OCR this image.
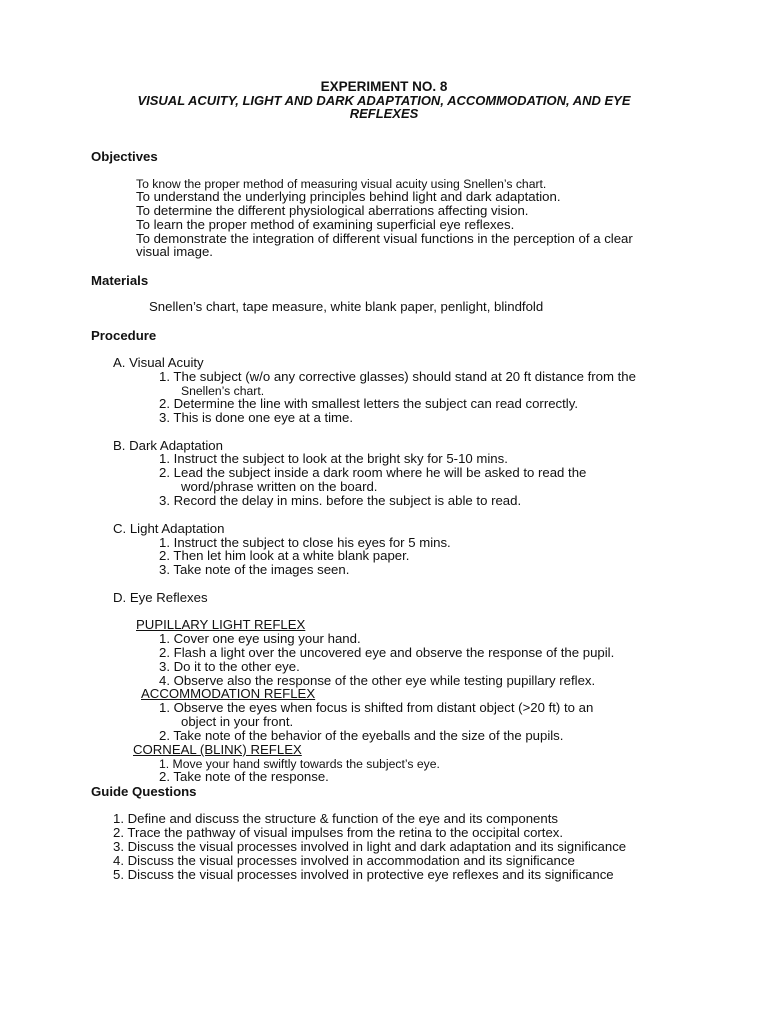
EXPERIMENT NO. 8
VISUAL ACUITY, LIGHT AND DARK ADAPTATION, ACCOMMODATION, AND EYE
REFLEXES
Objectives
To know the proper method of measuring visual acuity using Snellen’s chart.
To understand the underlying principles behind light and dark adaptation.
To determine the different physiological aberrations affecting vision.
To learn the proper method of examining superficial eye reflexes.
To demonstrate the integration of different visual functions in the perception of a clear
visual image.
Materials
Snellen’s chart, tape measure, white blank paper, penlight, blindfold
Procedure
A. Visual Acuity
1. The subject (w/o any corrective glasses) should stand at 20 ft distance from the
Snellen’s chart.
2. Determine the line with smallest letters the subject can read correctly.
3. This is done one eye at a time.
B. Dark Adaptation
1. Instruct the subject to look at the bright sky for 5-10 mins.
2. Lead the subject inside a dark room where he will be asked to read the
word/phrase written on the board.
3. Record the delay in mins. before the subject is able to read.
C. Light Adaptation
1. Instruct the subject to close his eyes for 5 mins.
2. Then let him look at a white blank paper.
3. Take note of the images seen.
D. Eye Reflexes
PUPILLARY LIGHT REFLEX
1. Cover one eye using your hand.
2. Flash a light over the uncovered eye and observe the response of the pupil.
3. Do it to the other eye.
4. Observe also the response of the other eye while testing pupillary reflex.
ACCOMMODATION REFLEX
1. Observe the eyes when focus is shifted from distant object (>20 ft) to an
object in your front.
2. Take note of the behavior of the eyeballs and the size of the pupils.
CORNEAL (BLINK) REFLEX
1. Move your hand swiftly towards the subject’s eye.
2. Take note of the response.
Guide Questions
1. Define and discuss the structure & function of the eye and its components
2. Trace the pathway of visual impulses from the retina to the occipital cortex.
3. Discuss the visual processes involved in light and dark adaptation and its significance
4. Discuss the visual processes involved in accommodation and its significance
5. Discuss the visual processes involved in protective eye reflexes and its significance
